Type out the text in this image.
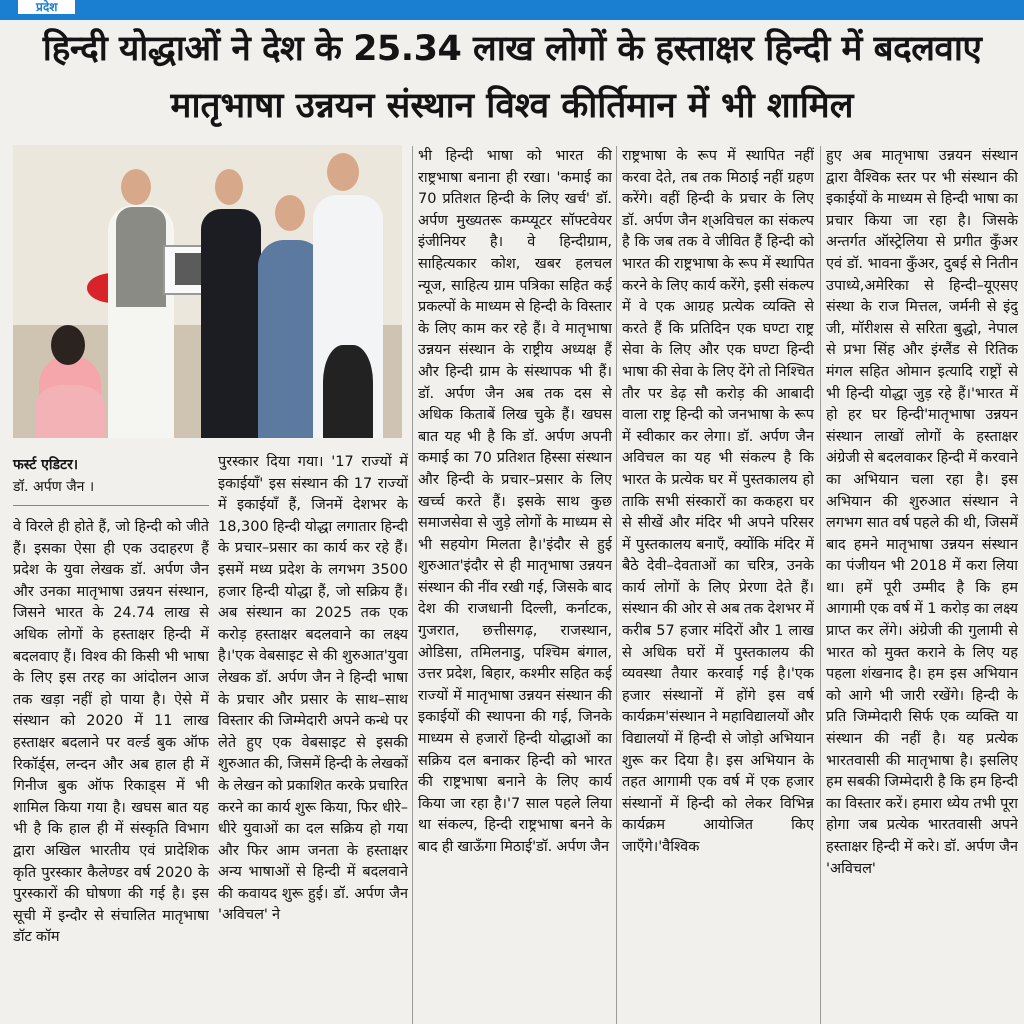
प्रदेश
हिन्दी योद्धाओं ने देश के 25.34 लाख लोगों के हस्ताक्षर हिन्दी में बदलवाए
मातृभाषा उन्नयन संस्थान विश्व कीर्तिमान में भी शामिल
फर्स्ट एडिटर।
डॉ. अर्पण जैन ।

वे विरले ही होते हैं, जो हिन्दी को जीते हैं। इसका ऐसा ही एक उदाहरण हैं प्रदेश के युवा लेखक डॉ. अर्पण जैन और उनका मातृभाषा उन्नयन संस्थान, जिसने भारत के 24.74 लाख से अधिक लोगों के हस्ताक्षर हिन्दी में बदलवाए हैं। विश्व की किसी भी भाषा के लिए इस तरह का आंदोलन आज तक खड़ा नहीं हो पाया है। ऐसे में संस्थान को 2020 में 11 लाख हस्ताक्षर बदलाने पर वर्ल्ड बुक ऑफ रिकॉर्ड्स, लन्दन और अब हाल ही में गिनीज बुक ऑफ रिकाड्स में भी शामिल किया गया है। खघस बात यह भी है कि हाल ही में संस्कृति विभाग द्वारा अखिल भारतीय एवं प्रादेशिक कृति पुरस्कार कैलेण्डर वर्ष 2020 के पुरस्कारों की घोषणा की गई है। इस सूची में इन्दौर से संचालित मातृभाषा डॉट कॉम

पुरस्कार दिया गया। '17 राज्यों में इकाईयाँ' इस संस्थान की 17 राज्यों में इकाईयाँ हैं, जिनमें देशभर के 18,300 हिन्दी योद्धा लगातार हिन्दी के प्रचार–प्रसार का कार्य कर रहे हैं। इसमें मध्य प्रदेश के लगभग 3500 हजार हिन्दी योद्धा हैं, जो सक्रिय हैं। अब संस्थान का 2025 तक एक करोड़ हस्ताक्षर बदलवाने का लक्ष्य है।'एक वेबसाइट से की शुरुआत'युवा लेखक डॉ. अर्पण जैन ने हिन्दी भाषा के प्रचार और प्रसार के साथ–साथ विस्तार की जिम्मेदारी अपने कन्धे पर लेते हुए एक वेबसाइट से इसकी शुरुआत की, जिसमें हिन्दी के लेखकों के लेखन को प्रकाशित करके प्रचारित करने का कार्य शुरू किया, फिर धीरे–धीरे युवाओं का दल सक्रिय हो गया और फिर आम जनता के हस्ताक्षर अन्य भाषाओं से हिन्दी में बदलवाने की कवायद शुरू हुई। डॉ. अर्पण जैन 'अविचल' ने

भी हिन्दी भाषा को भारत की राष्ट्रभाषा बनाना ही रखा। 'कमाई का 70 प्रतिशत हिन्दी के लिए खर्च' डॉ. अर्पण मुख्यतरू कम्प्यूटर सॉफ्टवेयर इंजीनियर है। वे हिन्दीग्राम, साहित्यकार कोश, खबर हलचल न्यूज, साहित्य ग्राम पत्रिका सहित कई प्रकल्पों के माध्यम से हिन्दी के विस्तार के लिए काम कर रहे हैं। वे मातृभाषा उन्नयन संस्थान के राष्ट्रीय अध्यक्ष हैं और हिन्दी ग्राम के संस्थापक भी हैं। डॉ. अर्पण जैन अब तक दस से अधिक किताबें लिख चुके हैं। खघस बात यह भी है कि डॉ. अर्पण अपनी कमाई का 70 प्रतिशत हिस्सा संस्थान और हिन्दी के प्रचार–प्रसार के लिए खर्च्च करते हैं। इसके साथ कुछ समाजसेवा से जुड़े लोगों के माध्यम से भी सहयोग मिलता है।'इंदौर से हुई शुरुआत'इंदौर से ही मातृभाषा उन्नयन संस्थान की नींव रखी गई, जिसके बाद देश की राजधानी दिल्ली, कर्नाटक, गुजरात, छत्तीसगढ़, राजस्थान, ओडिसा, तमिलनाडु, पश्चिम बंगाल, उत्तर प्रदेश, बिहार, कश्मीर सहित कई राज्यों में मातृभाषा उन्नयन संस्थान की इकाईयों की स्थापना की गई, जिनके माध्यम से हजारों हिन्दी योद्धाओं का सक्रिय दल बनाकर हिन्दी को भारत की राष्ट्रभाषा बनाने के लिए कार्य किया जा रहा है।'7 साल पहले लिया था संकल्प, हिन्दी राष्ट्रभाषा बनने के बाद ही खाऊँगा मिठाई'डॉ. अर्पण जैन

राष्ट्रभाषा के रूप में स्थापित नहीं करवा देते, तब तक मिठाई नहीं ग्रहण करेंगे। वहीं हिन्दी के प्रचार के लिए डॉ. अर्पण जैन श्अविचल का संकल्प है कि जब तक वे जीवित हैं हिन्दी को भारत की राष्ट्रभाषा के रूप में स्थापित करने के लिए कार्य करेंगे, इसी संकल्प में वे एक आग्रह प्रत्येक व्यक्ति से करते हैं कि प्रतिदिन एक घण्टा राष्ट्र सेवा के लिए और एक घण्टा हिन्दी भाषा की सेवा के लिए देंगे तो निश्चित तौर पर डेढ़ सौ करोड़ की आबादी वाला राष्ट्र हिन्दी को जनभाषा के रूप में स्वीकार कर लेगा। डॉ. अर्पण जैन अविचल का यह भी संकल्प है कि भारत के प्रत्येक घर में पुस्तकालय हो ताकि सभी संस्कारों का ककहरा घर से सीखें और मंदिर भी अपने परिसर में पुस्तकालय बनाएँ, क्योंकि मंदिर में बैठे देवी–देवताओं का चरित्र, उनके कार्य लोगों के लिए प्रेरणा देते हैं। संस्थान की ओर से अब तक देशभर में करीब 57 हजार मंदिरों और 1 लाख से अधिक घरों में पुस्तकालय की व्यवस्था तैयार करवाई गई है।'एक हजार संस्थानों में होंगे इस वर्ष कार्यक्रम'संस्थान ने महाविद्यालयों और विद्यालयों में हिन्दी से जोड़ो अभियान शुरू कर दिया है। इस अभियान के तहत आगामी एक वर्ष में एक हजार संस्थानों में हिन्दी को लेकर विभिन्न कार्यक्रम आयोजित किए जाएँगे।'वैश्विक

हुए अब मातृभाषा उन्नयन संस्थान द्वारा वैश्विक स्तर पर भी संस्थान की इकाईयों के माध्यम से हिन्दी भाषा का प्रचार किया जा रहा है। जिसके अन्तर्गत ऑस्ट्रेलिया से प्रगीत कुँअर एवं डॉ. भावना कुँअर, दुबई से नितीन उपाध्ये,अमेरिका से हिन्दी–यूएसए संस्था के राज मित्तल, जर्मनी से इंदु जी, मॉरीशस से सरिता बुद्धो, नेपाल से प्रभा सिंह और इंग्लैंड से रितिक मंगल सहित ओमान इत्यादि राष्ट्रों से भी हिन्दी योद्धा जुड़ रहे हैं।'भारत में हो हर घर हिन्दी'मातृभाषा उन्नयन संस्थान लाखों लोगों के हस्ताक्षर अंग्रेजी से बदलवाकर हिन्दी में करवाने का अभियान चला रहा है। इस अभियान की शुरुआत संस्थान ने लगभग सात वर्ष पहले की थी, जिसमें बाद हमने मातृभाषा उन्नयन संस्थान का पंजीयन भी 2018 में करा लिया था। हमें पूरी उम्मीद है कि हम आगामी एक वर्ष में 1 करोड़ का लक्ष्य प्राप्त कर लेंगे। अंग्रेजी की गुलामी से भारत को मुक्त कराने के लिए यह पहला शंखनाद है। हम इस अभियान को आगे भी जारी रखेंगे। हिन्दी के प्रति जिम्मेदारी सिर्फ एक व्यक्ति या संस्थान की नहीं है। यह प्रत्येक भारतवासी की मातृभाषा है। इसलिए हम सबकी जिम्मेदारी है कि हम हिन्दी का विस्तार करें। हमारा ध्येय तभी पूरा होगा जब प्रत्येक भारतवासी अपने हस्ताक्षर हिन्दी में करे। डॉ. अर्पण जैन 'अविचल'
